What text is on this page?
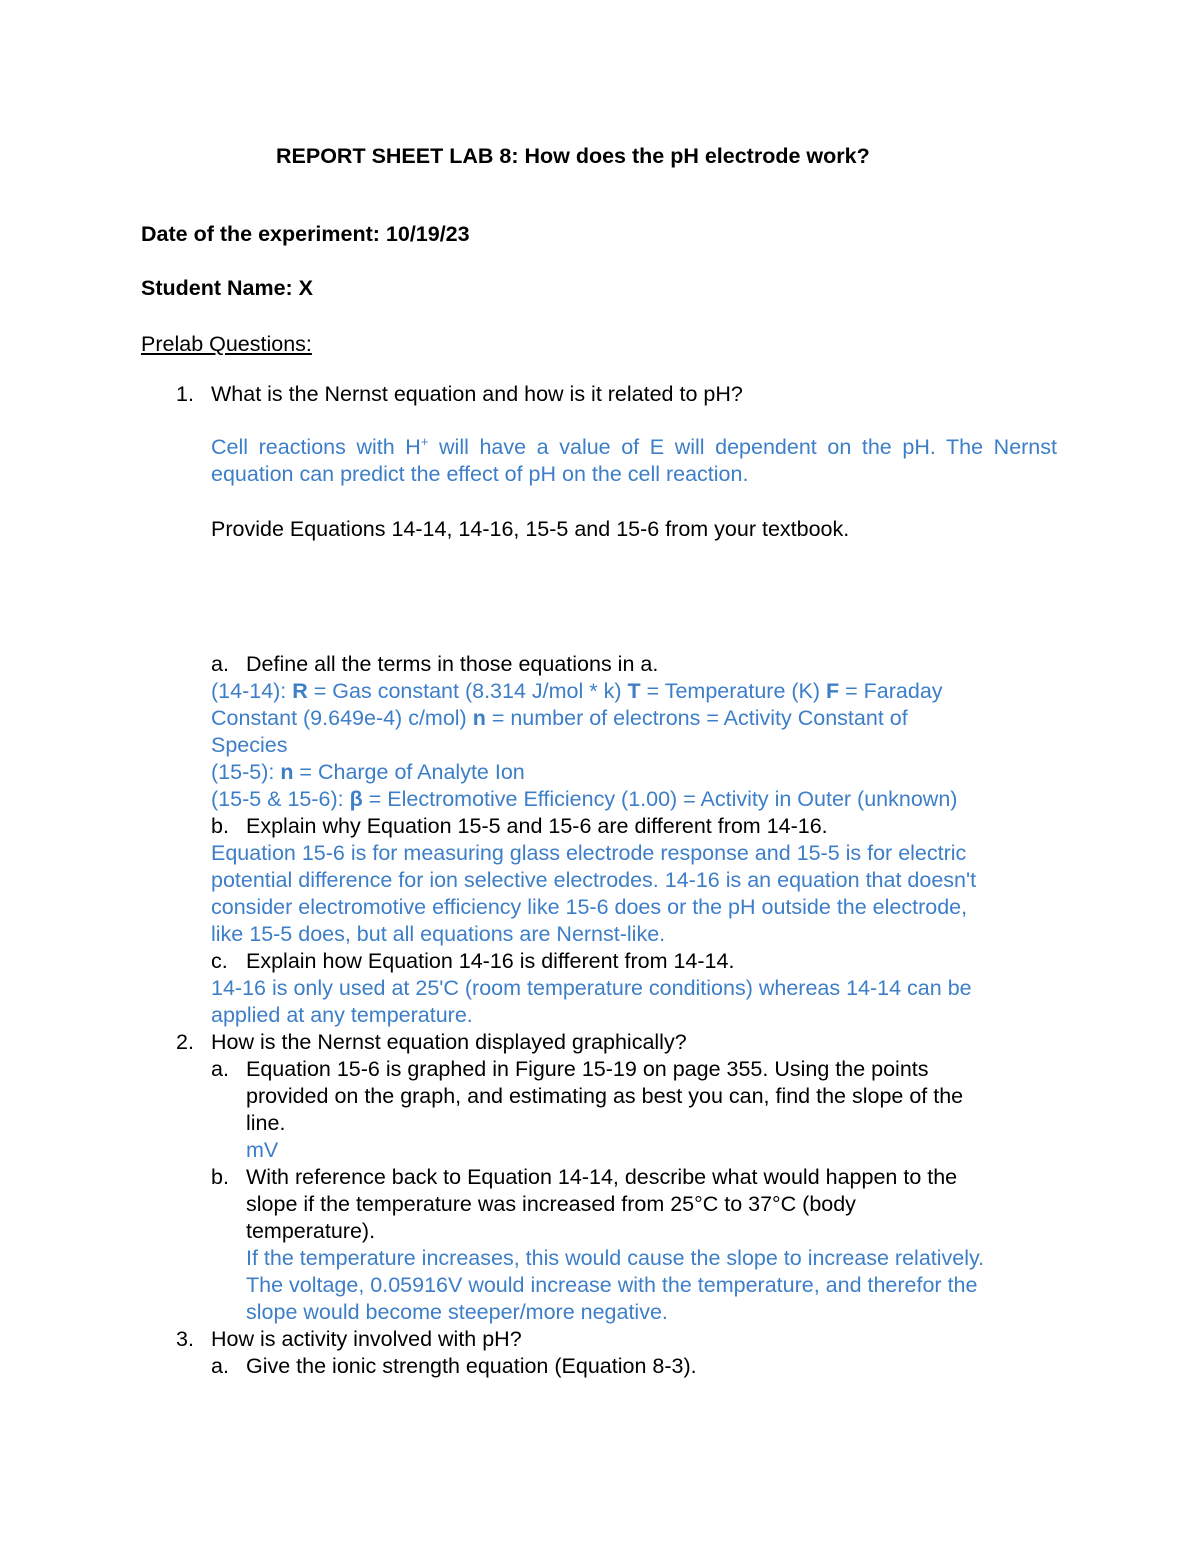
REPORT SHEET LAB 8: How does the pH electrode work?
Date of the experiment: 10/19/23
Student Name: X
Prelab Questions:
1. What is the Nernst equation and how is it related to pH?
Cell reactions with H+ will have a value of E will dependent on the pH. The Nernst equation can predict the effect of pH on the cell reaction.
Provide Equations 14-14, 14-16, 15-5 and 15-6 from your textbook.
a. Define all the terms in those equations in a.
(14-14): R = Gas constant (8.314 J/mol * k) T = Temperature (K) F = Faraday
Constant (9.649e-4) c/mol) n = number of electrons = Activity Constant of
Species
(15-5): n = Charge of Analyte Ion
(15-5 & 15-6): β = Electromotive Efficiency (1.00) = Activity in Outer (unknown)
b. Explain why Equation 15-5 and 15-6 are different from 14-16.
Equation 15-6 is for measuring glass electrode response and 15-5 is for electric
potential difference for ion selective electrodes. 14-16 is an equation that doesn't
consider electromotive efficiency like 15-6 does or the pH outside the electrode,
like 15-5 does, but all equations are Nernst-like.
c. Explain how Equation 14-16 is different from 14-14.
14-16 is only used at 25'C (room temperature conditions) whereas 14-14 can be
applied at any temperature.
2. How is the Nernst equation displayed graphically?
a. Equation 15-6 is graphed in Figure 15-19 on page 355. Using the points
provided on the graph, and estimating as best you can, find the slope of the
line.
mV
b. With reference back to Equation 14-14, describe what would happen to the
slope if the temperature was increased from 25°C to 37°C (body
temperature).
If the temperature increases, this would cause the slope to increase relatively.
The voltage, 0.05916V would increase with the temperature, and therefor the
slope would become steeper/more negative.
3. How is activity involved with pH?
a. Give the ionic strength equation (Equation 8-3).
